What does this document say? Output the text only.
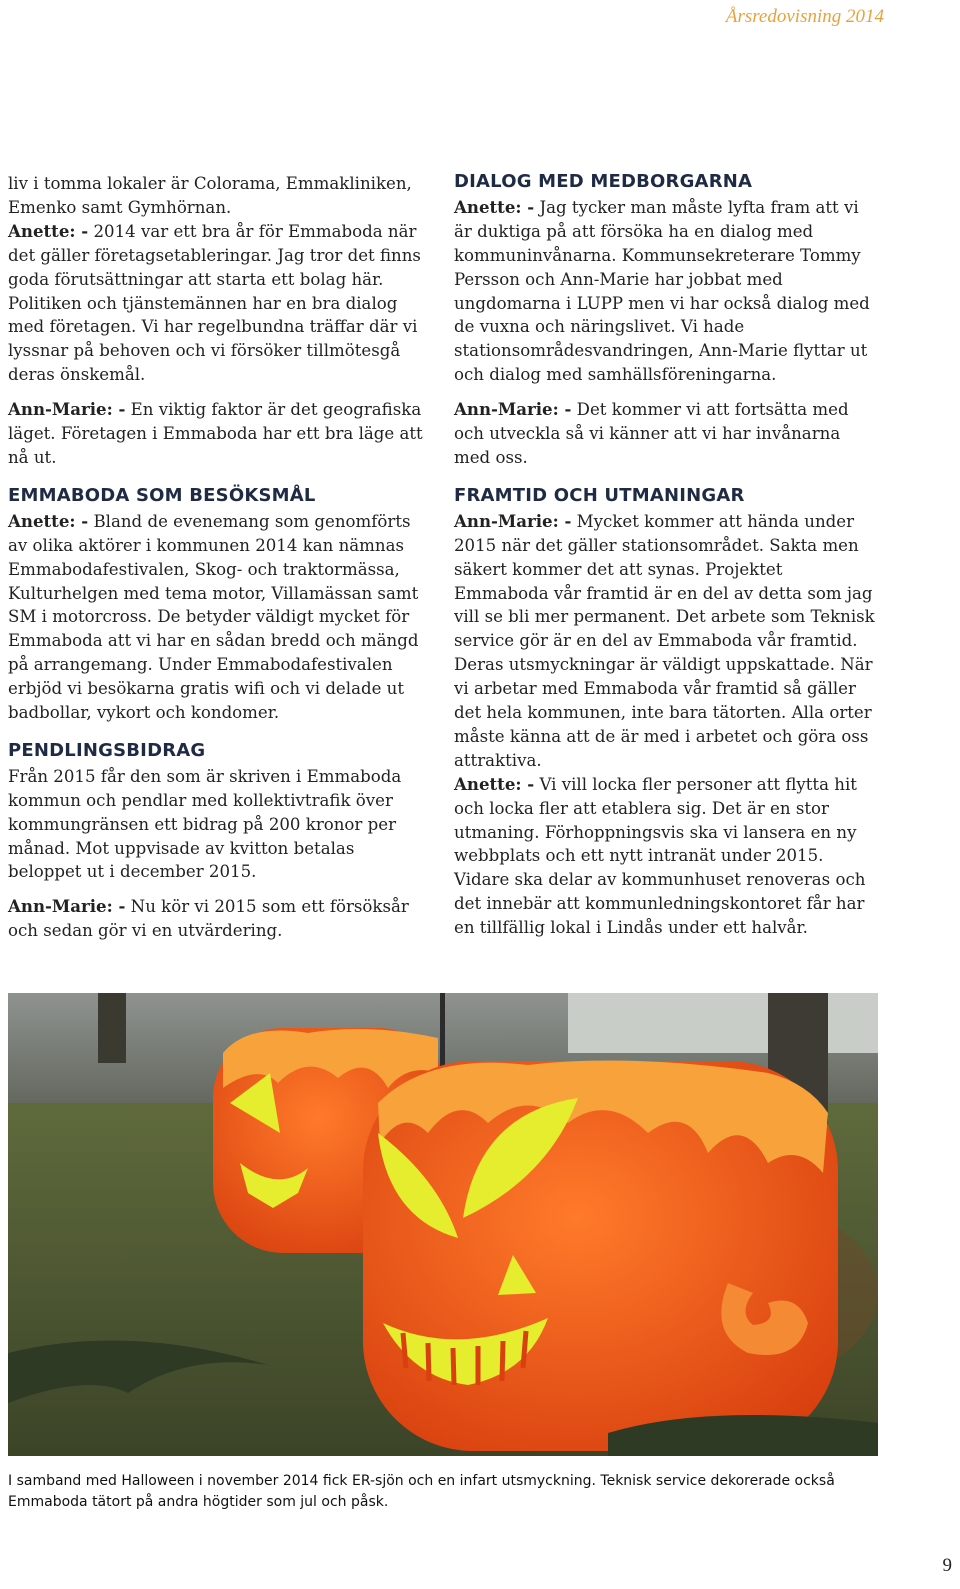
Årsredovisning 2014

liv i tomma lokaler är Colorama, Emmakliniken, Emenko samt Gymhörnan.

Anette: - 2014 var ett bra år för Emmaboda när det gäller företagsetableringar. Jag tror det finns goda förutsättningar att starta ett bolag här. Politiken och tjänstemännen har en bra dialog med företagen. Vi har regelbundna träffar där vi lyssnar på behoven och vi försöker tillmötesgå deras önskemål.

Ann-Marie: - En viktig faktor är det geografiska läget. Företagen i Emmaboda har ett bra läge att nå ut.

EMMABODA SOM BESÖKSMÅL

Anette: - Bland de evenemang som genomförts av olika aktörer i kommunen 2014 kan nämnas Emmabodafestivalen, Skog- och traktormässa, Kulturhelgen med tema motor, Villamässan samt SM i motorcross. De betyder väldigt mycket för Emmaboda att vi har en sådan bredd och mängd på arrangemang. Under Emmabodafestivalen erbjöd vi besökarna gratis wifi och vi delade ut badbollar, vykort och kondomer.

PENDLINGSBIDRAG

Från 2015 får den som är skriven i Emmaboda kommun och pendlar med kollektivtrafik över kommungränsen ett bidrag på 200 kronor per månad. Mot uppvisade av kvitton betalas beloppet ut i december 2015.

Ann-Marie: - Nu kör vi 2015 som ett försöksår och sedan gör vi en utvärdering.

DIALOG MED MEDBORGARNA

Anette: - Jag tycker man måste lyfta fram att vi är duktiga på att försöka ha en dialog med kommuninvånarna. Kommunsekreterare Tommy Persson och Ann-Marie har jobbat med ungdomarna i LUPP men vi har också dialog med de vuxna och näringslivet. Vi hade stationsområdesvandringen, Ann-Marie flyttar ut och dialog med samhällsföreningarna.

Ann-Marie: - Det kommer vi att fortsätta med och utveckla så vi känner att vi har invånarna med oss.

FRAMTID OCH UTMANINGAR

Ann-Marie: - Mycket kommer att hända under 2015 när det gäller stationsområdet. Sakta men säkert kommer det att synas. Projektet Emmaboda vår framtid är en del av detta som jag vill se bli mer permanent. Det arbete som Teknisk service gör är en del av Emmaboda vår framtid. Deras utsmyckningar är väldigt uppskattade. När vi arbetar med Emmaboda vår framtid så gäller det hela kommunen, inte bara tätorten. Alla orter måste känna att de är med i arbetet och göra oss attraktiva.

Anette: - Vi vill locka fler personer att flytta hit och locka fler att etablera sig. Det är en stor utmaning. Förhoppningsvis ska vi lansera en ny webbplats och ett nytt intranät under 2015. Vidare ska delar av kommunhuset renoveras och det innebär att kommunledningskontoret får har en tillfällig lokal i Lindås under ett halvår.

I samband med Halloween i november 2014 fick ER-sjön och en infart utsmyckning. Teknisk service dekorerade också Emmaboda tätort på andra högtider som jul och påsk.
9
